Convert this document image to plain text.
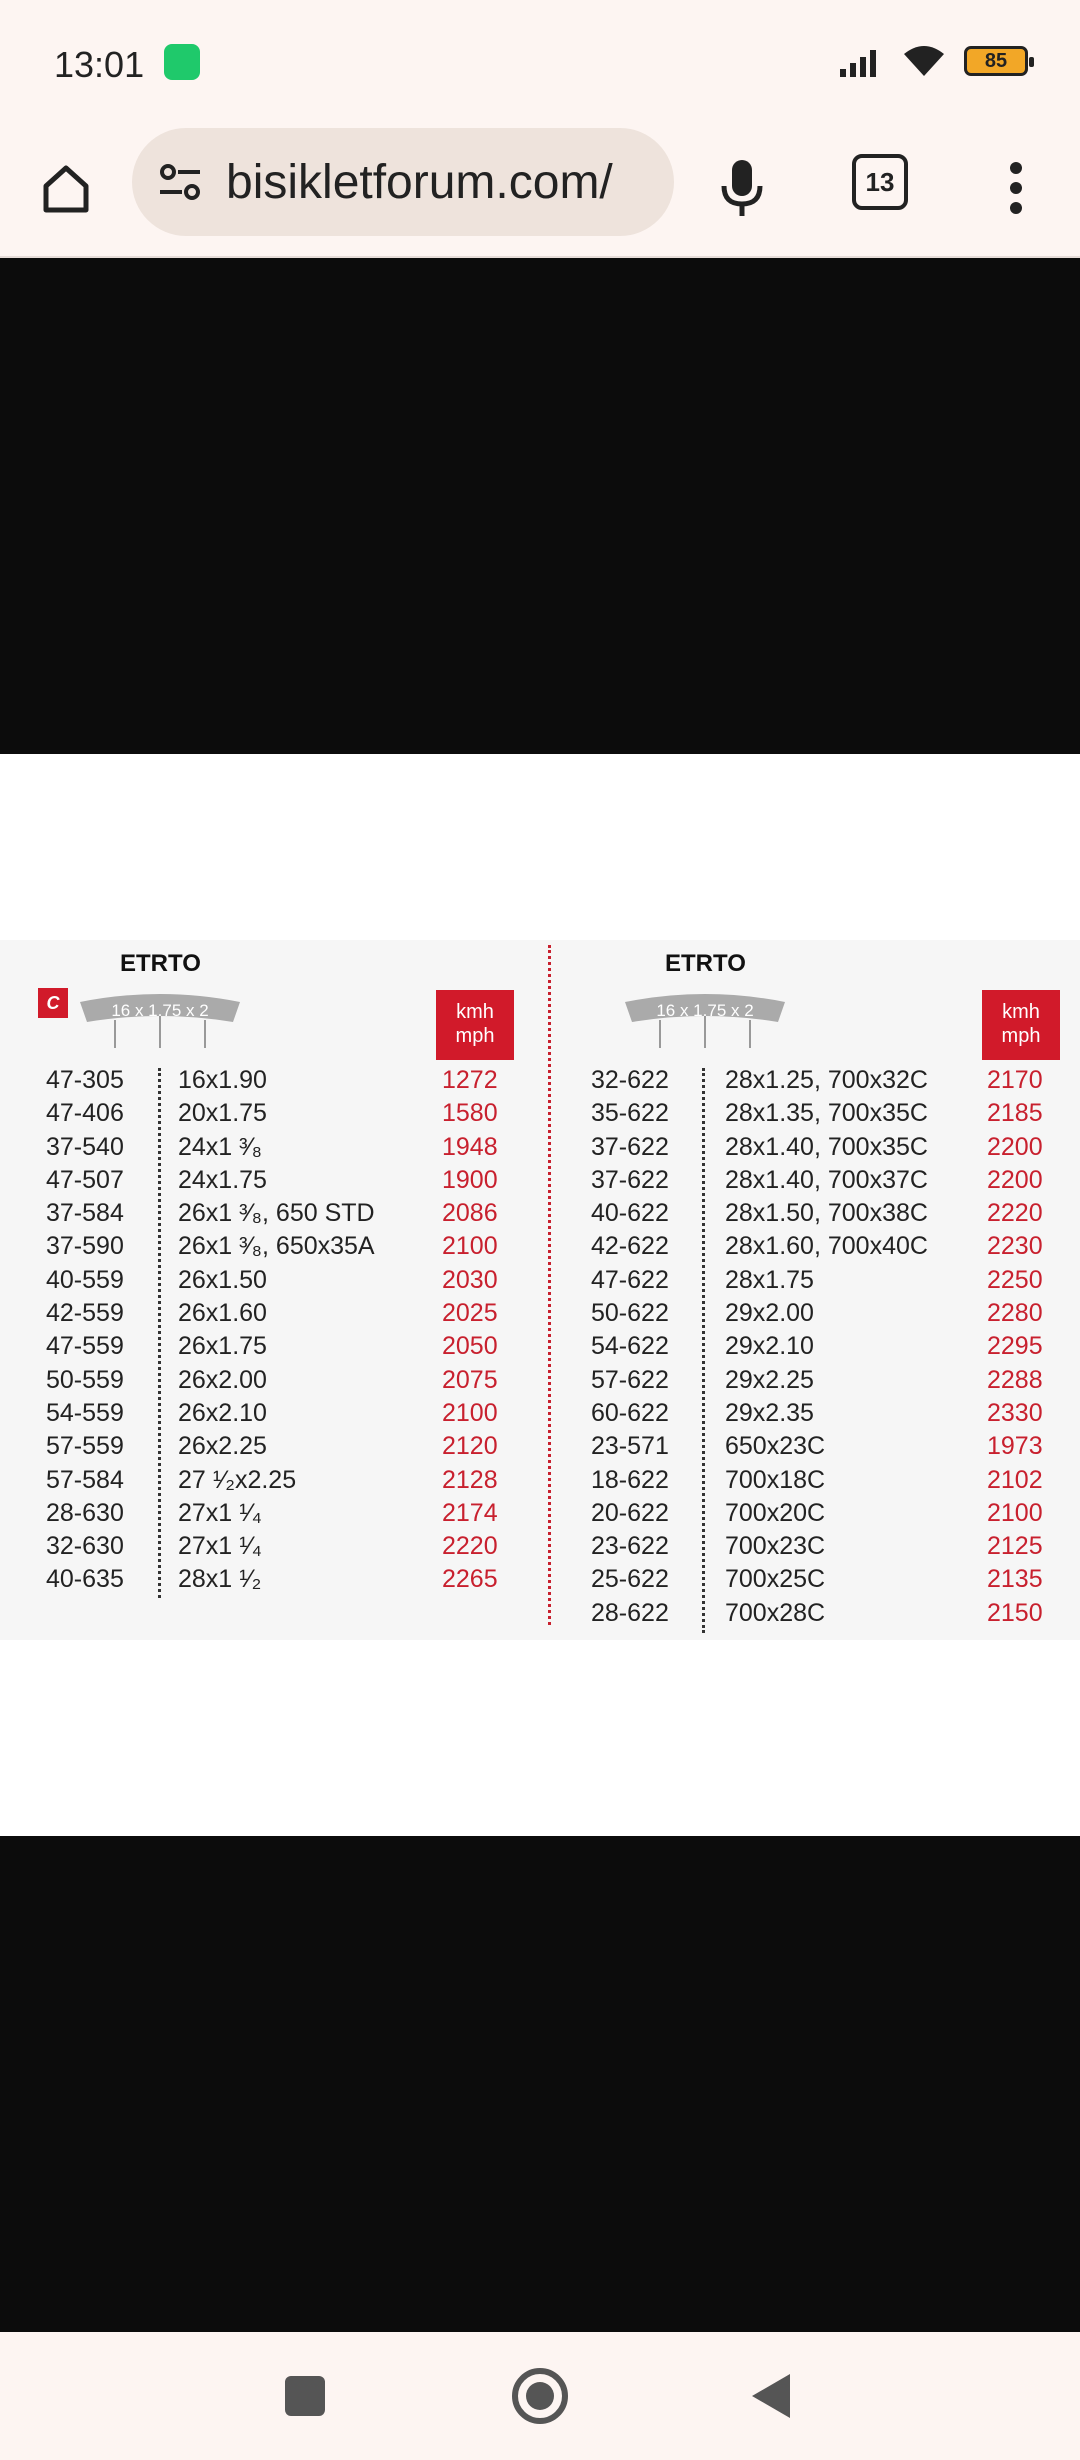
13:01	85
bisikletforum.com/	13
C
ETRTO
16 x 1.75 x 2	kmh
mph
47-305 16x1.90	1272
47-406 20x1.75	1580
37-540 24x1 ³⁄₈	1948
47-507 24x1.75	1900
37-584 26x1 ³⁄₈, 650 STD	2086
37-590 26x1 ³⁄₈, 650x35A	2100
40-559 26x1.50	2030
42-559 26x1.60	2025
47-559 26x1.75	2050
50-559 26x2.00	2075
54-559 26x2.10	2100
57-559 26x2.25	2120
57-584 27 ¹⁄₂x2.25	2128
28-630 27x1 ¹⁄₄	2174
32-630 27x1 ¹⁄₄	2220
40-635 28x1 ¹⁄₂	2265
ETRTO
16 x 1.75 x 2	kmh
mph
32-622 28x1.25, 700x32C 2170
35-622 28x1.35, 700x35C 2185
37-622 28x1.40, 700x35C 2200
37-622 28x1.40, 700x37C 2200
40-622 28x1.50, 700x38C 2220
42-622 28x1.60, 700x40C 2230
47-622 28x1.75	2250
50-622 29x2.00	2280
54-622 29x2.10	2295
57-622 29x2.25	2288
60-622 29x2.35	2330
23-571 650x23C	1973
18-622 700x18C	2102
20-622 700x20C	2100
23-622 700x23C	2125
25-622 700x25C	2135
28-622 700x28C	2150
